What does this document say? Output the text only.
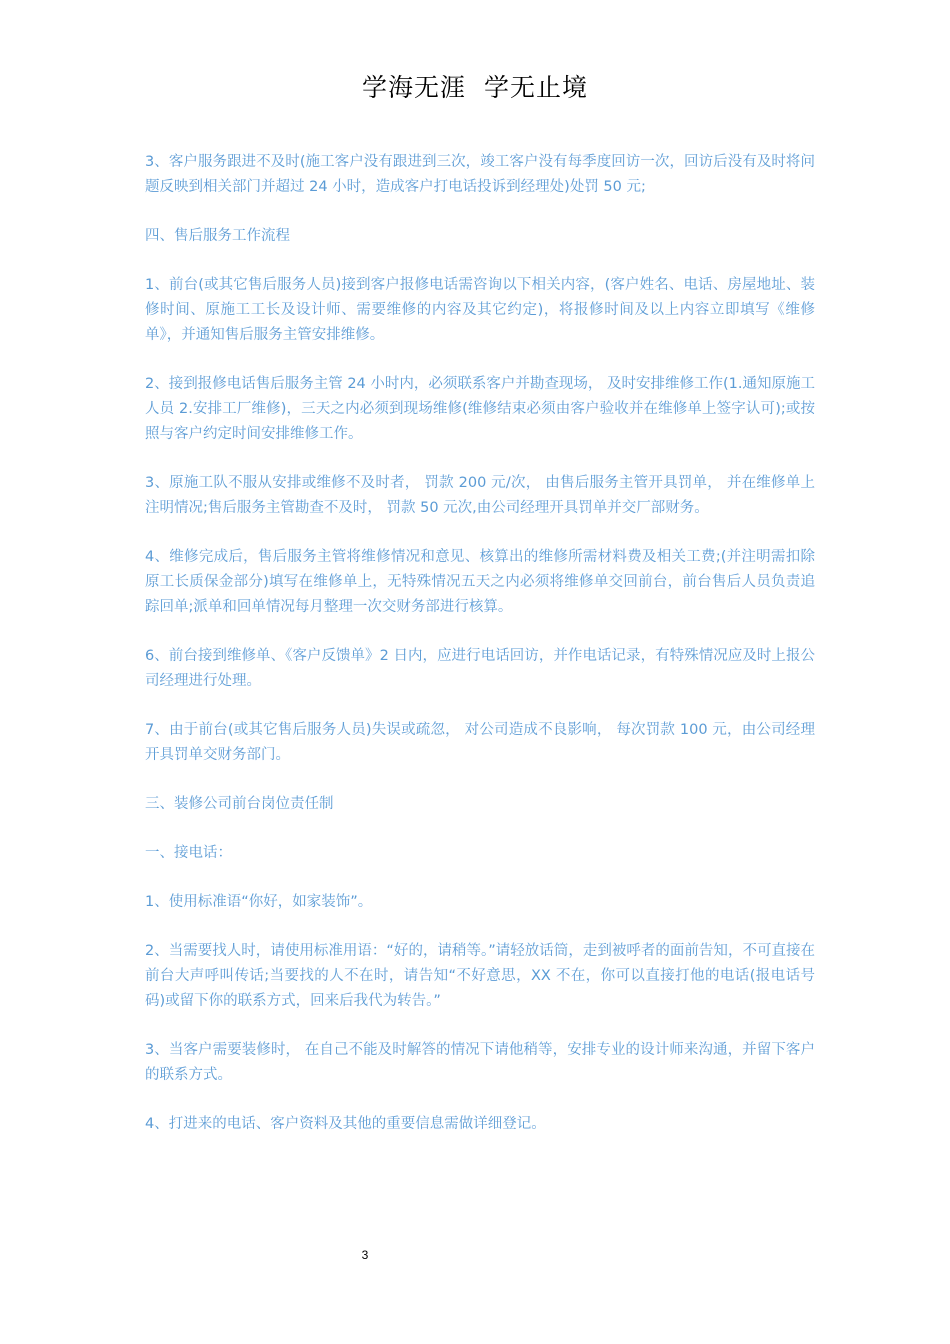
学海无涯  学无止境

3、客户服务跟进不及时(施工客户没有跟进到三次，竣工客户没有每季度回访一次，回访后没有及时将问题反映到相关部门并超过 24 小时，造成客户打电话投诉到经理处)处罚 50 元;

四、售后服务工作流程

1、前台(或其它售后服务人员)接到客户报修电话需咨询以下相关内容，(客户姓名、电话、房屋地址、装修时间、原施工工长及设计师、需要维修的内容及其它约定)，将报修时间及以上内容立即填写《维修单》，并通知售后服务主管安排维修。

2、接到报修电话售后服务主管 24 小时内，必须联系客户并勘查现场， 及时安排维修工作(1.通知原施工人员 2.安排工厂维修)，三天之内必须到现场维修(维修结束必须由客户验收并在维修单上签字认可);或按照与客户约定时间安排维修工作。

3、原施工队不服从安排或维修不及时者， 罚款 200 元/次， 由售后服务主管开具罚单， 并在维修单上注明情况;售后服务主管勘查不及时， 罚款 50 元次,由公司经理开具罚单并交厂部财务。

4、维修完成后，售后服务主管将维修情况和意见、核算出的维修所需材料费及相关工费;(并注明需扣除原工长质保金部分)填写在维修单上，无特殊情况五天之内必须将维修单交回前台，前台售后人员负责追踪回单;派单和回单情况每月整理一次交财务部进行核算。

6、前台接到维修单、《客户反馈单》2 日内，应进行电话回访，并作电话记录，有特殊情况应及时上报公司经理进行处理。

7、由于前台(或其它售后服务人员)失误或疏忽， 对公司造成不良影响， 每次罚款 100 元，由公司经理开具罚单交财务部门。

三、装修公司前台岗位责任制

一、接电话：

1、使用标准语“你好，如家装饰”。

2、当需要找人时，请使用标准用语：“好的，请稍等。”请轻放话筒，走到被呼者的面前告知，不可直接在前台大声呼叫传话;当要找的人不在时，请告知“不好意思，XX 不在，你可以直接打他的电话(报电话号码)或留下你的联系方式，回来后我代为转告。”

3、当客户需要装修时， 在自己不能及时解答的情况下请他稍等，安排专业的设计师来沟通，并留下客户的联系方式。

4、打进来的电话、客户资料及其他的重要信息需做详细登记。

3
